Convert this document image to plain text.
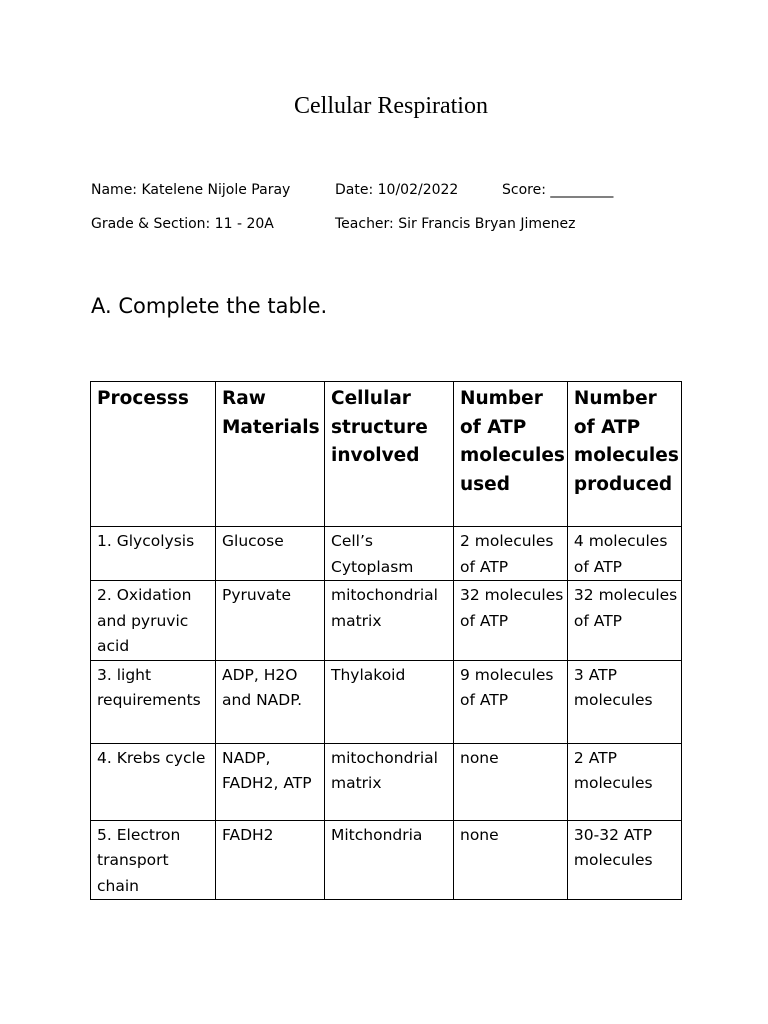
Cellular Respiration
Name: Katelene Nijole Paray	Date: 10/02/2022	Score: _________
Grade & Section: 11 - 20A	Teacher: Sir Francis Bryan Jimenez
A. Complete the table.
Processs	Raw Materials	Cellular structure involved	Number of ATP molecules used	Number of ATP molecules produced
1. Glycolysis	Glucose	Cell’s Cytoplasm	2 molecules of ATP	4 molecules of ATP
2. Oxidation and pyruvic acid	Pyruvate	mitochondrial matrix	32 molecules of ATP	32 molecules of ATP
3. light requirements	ADP, H2O and NADP.	Thylakoid	9 molecules of ATP	3 ATP molecules
4. Krebs cycle	NADP, FADH2, ATP	mitochondrial matrix	none	2 ATP molecules
5. Electron transport chain	FADH2	Mitchondria	none	30-32 ATP molecules
